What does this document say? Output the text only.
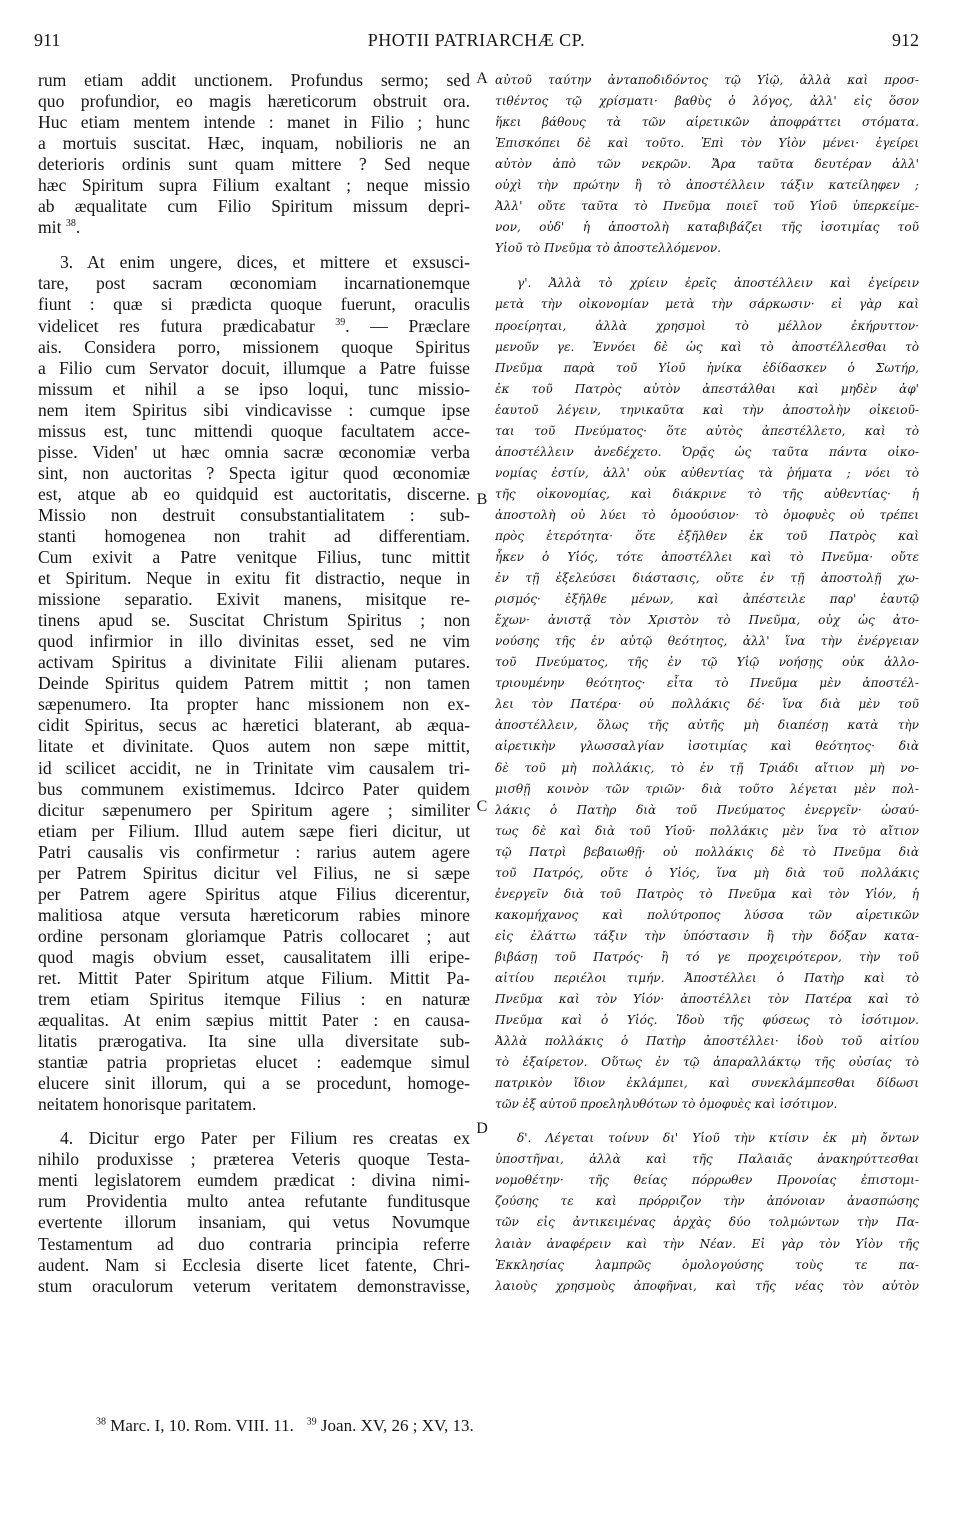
911	PHOTII PATRIARCHÆ CP.	912
rum etiam addit unctionem. Profundus sermo; sed
quo profundior, eo magis hæreticorum obstruit ora.
Huc etiam mentem intende : manet in Filio ; hunc
a mortuis suscitat. Hæc, inquam, nobilioris ne an
deterioris ordinis sunt quam mittere ? Sed neque
hæc Spiritum supra Filium exaltant ; neque missio
ab æqualitate cum Filio Spiritum missum depri-
mit $^{38}$.
3. At enim ungere, dices, et mittere et exsusci-
tare, post sacram œconomiam incarnationemque
fiunt : quæ si prædicta quoque fuerunt, oraculis
videlicet res futura prædicabatur $^{39}$. — Præclare
ais. Considera porro, missionem quoque Spiritus
a Filio cum Servator docuit, illumque a Patre fuisse
missum et nihil a se ipso loqui, tunc missio-
nem item Spiritus sibi vindicavisse : cumque ipse
missus est, tunc mittendi quoque facultatem acce-
pisse. Viden' ut hæc omnia sacræ œconomiæ verba
sint, non auctoritas ? Specta igitur quod œconomiæ
est, atque ab eo quidquid est auctoritatis, discerne.
Missio non destruit consubstantialitatem : sub-
stanti homogenea non trahit ad differentiam.
Cum exivit a Patre venitque Filius, tunc mittit
et Spiritum. Neque in exitu fit distractio, neque in
missione separatio. Exivit manens, misitque re-
tinens apud se. Suscitat Christum Spiritus ; non
quod infirmior in illo divinitas esset, sed ne vim
activam Spiritus a divinitate Filii alienam putares.
Deinde Spiritus quidem Patrem mittit ; non tamen
sæpenumero. Ita propter hanc missionem non ex-
cidit Spiritus, secus ac hæretici blaterant, ab æqua-
litate et divinitate. Quos autem non sæpe mittit,
id scilicet accidit, ne in Trinitate vim causalem tri-
bus communem existimemus. Idcirco Pater quidem
dicitur sæpenumero per Spiritum agere ; similiter
etiam per Filium. Illud autem sæpe fieri dicitur, ut
Patri causalis vis confirmetur : rarius autem agere
per Patrem Spiritus dicitur vel Filius, ne si sæpe
per Patrem agere Spiritus atque Filius dicerentur,
malitiosa atque versuta hæreticorum rabies minore
ordine personam gloriamque Patris collocaret ; aut
quod magis obvium esset, causalitatem illi eripe-
ret. Mittit Pater Spiritum atque Filium. Mittit Pa-
trem etiam Spiritus itemque Filius : en naturæ
æqualitas. At enim sæpius mittit Pater : en causa-
litatis prærogativa. Ita sine ulla diversitate sub-
stantiæ patria proprietas elucet : eademque simul
elucere sinit illorum, qui a se procedunt, homoge-
neitatem honorisque paritatem.
4. Dicitur ergo Pater per Filium res creatas ex
nihilo produxisse ; præterea Veteris quoque Testa-
menti legislatorem eumdem prædicat : divina nimi-
rum Providentia multo antea refutante funditusque
evertente illorum insaniam, qui vetus Novumque
Testamentum ad duo contraria principia referre
audent. Nam si Ecclesia diserte licet fatente, Chri-
stum oraculorum veterum veritatem demonstravisse,
αὐτοῦ ταύτην ἀνταποδιδόντος τῷ Υἱῷ, ἀλλὰ καὶ προσ-
τιθέντος τῷ χρίσματι· βαθὺς ὁ λόγος, ἀλλ' εἰς ὅσον
ἥκει βάθους τὰ τῶν αἱρετικῶν ἀποφράττει στόματα.
Ἐπισκόπει δὲ καὶ τοῦτο. Ἐπὶ τὸν Υἱὸν μένει· ἐγείρει
αὐτὸν ἀπὸ τῶν νεκρῶν. Ἄρα ταῦτα δευτέραν ἀλλ'
οὐχὶ τὴν πρώτην ἢ τὸ ἀποστέλλειν τάξιν κατείληφεν ;
Ἀλλ' οὔτε ταῦτα τὸ Πνεῦμα ποιεῖ τοῦ Υἱοῦ ὑπερκείμε-
νον, οὐδ' ἡ ἀποστολὴ καταβιβάζει τῆς ἰσοτιμίας τοῦ
Υἱοῦ τὸ Πνεῦμα τὸ ἀποστελλόμενον.
γ'. Ἀλλὰ τὸ χρίειν ἐρεῖς ἀποστέλλειν καὶ ἐγείρειν
μετὰ τὴν οἰκονομίαν μετὰ τὴν σάρκωσιν· εἰ γὰρ καὶ
προείρηται, ἀλλὰ χρησμοὶ τὸ μέλλον ἐκήρυττον·
μενοῦν γε. Ἐννόει δὲ ὡς καὶ τὸ ἀποστέλλεσθαι τὸ
Πνεῦμα παρὰ τοῦ Υἱοῦ ἡνίκα ἐδίδασκεν ὁ Σωτήρ,
ἐκ τοῦ Πατρὸς αὐτὸν ἀπεστάλθαι καὶ μηδὲν ἀφ'
ἑαυτοῦ λέγειν, τηνικαῦτα καὶ τὴν ἀποστολὴν οἰκειοῦ-
ται τοῦ Πνεύματος· ὅτε αὐτὸς ἀπεστέλλετο, καὶ τὸ
ἀποστέλλειν ἀνεδέχετο. Ὁρᾷς ὡς ταῦτα πάντα οἰκο-
νομίας ἐστίν, ἀλλ' οὐκ αὐθεντίας τὰ ῥήματα ; νόει τὸ
τῆς οἰκονομίας, καὶ διάκρινε τὸ τῆς αὐθεντίας· ἡ
ἀποστολὴ οὐ λύει τὸ ὁμοούσιον· τὸ ὁμοφυὲς οὐ τρέπει
πρὸς ἑτερότητα· ὅτε ἐξῆλθεν ἐκ τοῦ Πατρὸς καὶ
ἧκεν ὁ Υἱός, τότε ἀποστέλλει καὶ τὸ Πνεῦμα· οὔτε
ἐν τῇ ἐξελεύσει διάστασις, οὔτε ἐν τῇ ἀποστολῇ χω-
ρισμός· ἐξῆλθε μένων, καὶ ἀπέστειλε παρ' ἑαυτῷ
ἔχων· ἀνιστᾷ τὸν Χριστὸν τὸ Πνεῦμα, οὐχ ὡς ἀτο-
νούσης τῆς ἐν αὐτῷ θεότητος, ἀλλ' ἵνα τὴν ἐνέργειαν
τοῦ Πνεύματος, τῆς ἐν τῷ Υἱῷ νοήσῃς οὐκ ἀλλο-
τριουμένην θεότητος· εἶτα τὸ Πνεῦμα μὲν ἀποστέλ-
λει τὸν Πατέρα· οὐ πολλάκις δέ· ἵνα διὰ μὲν τοῦ
ἀποστέλλειν, ὅλως τῆς αὐτῆς μὴ διαπέσῃ κατὰ τὴν
αἱρετικὴν γλωσσαλγίαν ἰσοτιμίας καὶ θεότητος· διὰ
δὲ τοῦ μὴ πολλάκις, τὸ ἐν τῇ Τριάδι αἴτιον μὴ νο-
μισθῇ κοινὸν τῶν τριῶν· διὰ τοῦτο λέγεται μὲν πολ-
λάκις ὁ Πατὴρ διὰ τοῦ Πνεύματος ἐνεργεῖν· ὡσαύ-
τως δὲ καὶ διὰ τοῦ Υἱοῦ· πολλάκις μὲν ἵνα τὸ αἴτιον
τῷ Πατρὶ βεβαιωθῇ· οὐ πολλάκις δὲ τὸ Πνεῦμα διὰ
τοῦ Πατρός, οὔτε ὁ Υἱός, ἵνα μὴ διὰ τοῦ πολλάκις
ἐνεργεῖν διὰ τοῦ Πατρὸς τὸ Πνεῦμα καὶ τὸν Υἱόν, ἡ
κακομήχανος καὶ πολύτροπος λύσσα τῶν αἱρετικῶν
εἰς ἐλάττω τάξιν τὴν ὑπόστασιν ἢ τὴν δόξαν κατα-
βιβάσῃ τοῦ Πατρός· ἢ τό γε προχειρότερον, τὴν τοῦ
αἰτίου περιέλοι τιμήν. Ἀποστέλλει ὁ Πατὴρ καὶ τὸ
Πνεῦμα καὶ τὸν Υἱόν· ἀποστέλλει τὸν Πατέρα καὶ τὸ
Πνεῦμα καὶ ὁ Υἱός. Ἰδοὺ τῆς φύσεως τὸ ἰσότιμον.
Ἀλλὰ πολλάκις ὁ Πατὴρ ἀποστέλλει· ἰδοὺ τοῦ αἰτίου
τὸ ἐξαίρετον. Οὕτως ἐν τῷ ἀπαραλλάκτῳ τῆς οὐσίας τὸ
πατρικὸν ἴδιον ἐκλάμπει, καὶ συνεκλάμπεσθαι δίδωσι
τῶν ἐξ αὐτοῦ προεληλυθότων τὸ ὁμοφυὲς καὶ ἰσότιμον.
δ'. Λέγεται τοίνυν δι' Υἱοῦ τὴν κτίσιν ἐκ μὴ ὄντων
ὑποστῆναι, ἀλλὰ καὶ τῆς Παλαιᾶς ἀνακηρύττεσθαι
νομοθέτην· τῆς θείας πόρρωθεν Προνοίας ἐπιστομι-
ζούσης τε καὶ πρόρριζον τὴν ἀπόνοιαν ἀνασπώσης
τῶν εἰς ἀντικειμένας ἀρχὰς δύο τολμώντων τὴν Πα-
λαιὰν ἀναφέρειν καὶ τὴν Νέαν. Εἰ γὰρ τὸν Υἱὸν τῆς
Ἐκκλησίας λαμπρῶς ὁμολογούσης τοὺς τε πα-
λαιοὺς χρησμοὺς ἀποφῆναι, καὶ τῆς νέας τὸν αὐτὸν
A
B
C
D
$^{38}$ Marc. I, 10. Rom. VIII. 11. $^{39}$ Joan. XV, 26 ; XV, 13.
